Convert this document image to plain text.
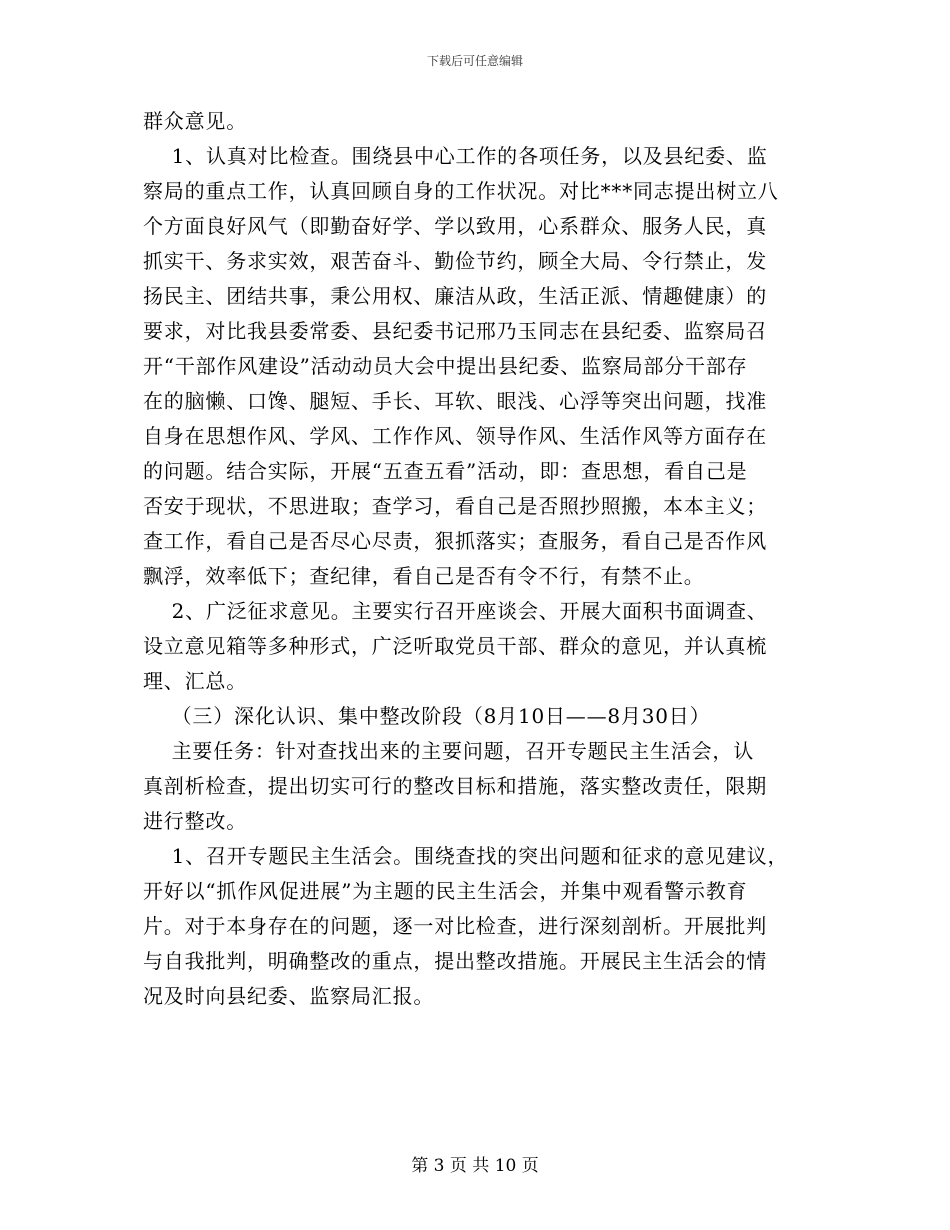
下载后可任意编辑
群众意见。
1、认真对比检查。围绕县中心工作的各项任务，以及县纪委、监
察局的重点工作，认真回顾自身的工作状况。对比***同志提出树立八
个方面良好风气（即勤奋好学、学以致用，心系群众、服务人民，真
抓实干、务求实效，艰苦奋斗、勤俭节约，顾全大局、令行禁止，发
扬民主、团结共事，秉公用权、廉洁从政，生活正派、情趣健康）的
要求，对比我县委常委、县纪委书记邢乃玉同志在县纪委、监察局召
开“干部作风建设”活动动员大会中提出县纪委、监察局部分干部存
在的脑懒、口馋、腿短、手长、耳软、眼浅、心浮等突出问题，找准
自身在思想作风、学风、工作作风、领导作风、生活作风等方面存在
的问题。结合实际，开展“五查五看”活动，即：查思想，看自己是
否安于现状，不思进取；查学习，看自己是否照抄照搬，本本主义；
查工作，看自己是否尽心尽责，狠抓落实；查服务，看自己是否作风
飘浮，效率低下；查纪律，看自己是否有令不行，有禁不止。
2、广泛征求意见。主要实行召开座谈会、开展大面积书面调查、
设立意见箱等多种形式，广泛听取党员干部、群众的意见，并认真梳
理、汇总。
（三）深化认识、集中整改阶段（8月10日——8月30日）
主要任务：针对查找出来的主要问题，召开专题民主生活会，认
真剖析检查，提出切实可行的整改目标和措施，落实整改责任，限期
进行整改。
1、召开专题民主生活会。围绕查找的突出问题和征求的意见建议，
开好以“抓作风促进展”为主题的民主生活会，并集中观看警示教育
片。对于本身存在的问题，逐一对比检查，进行深刻剖析。开展批判
与自我批判，明确整改的重点，提出整改措施。开展民主生活会的情
况及时向县纪委、监察局汇报。
第 3 页 共 10 页
